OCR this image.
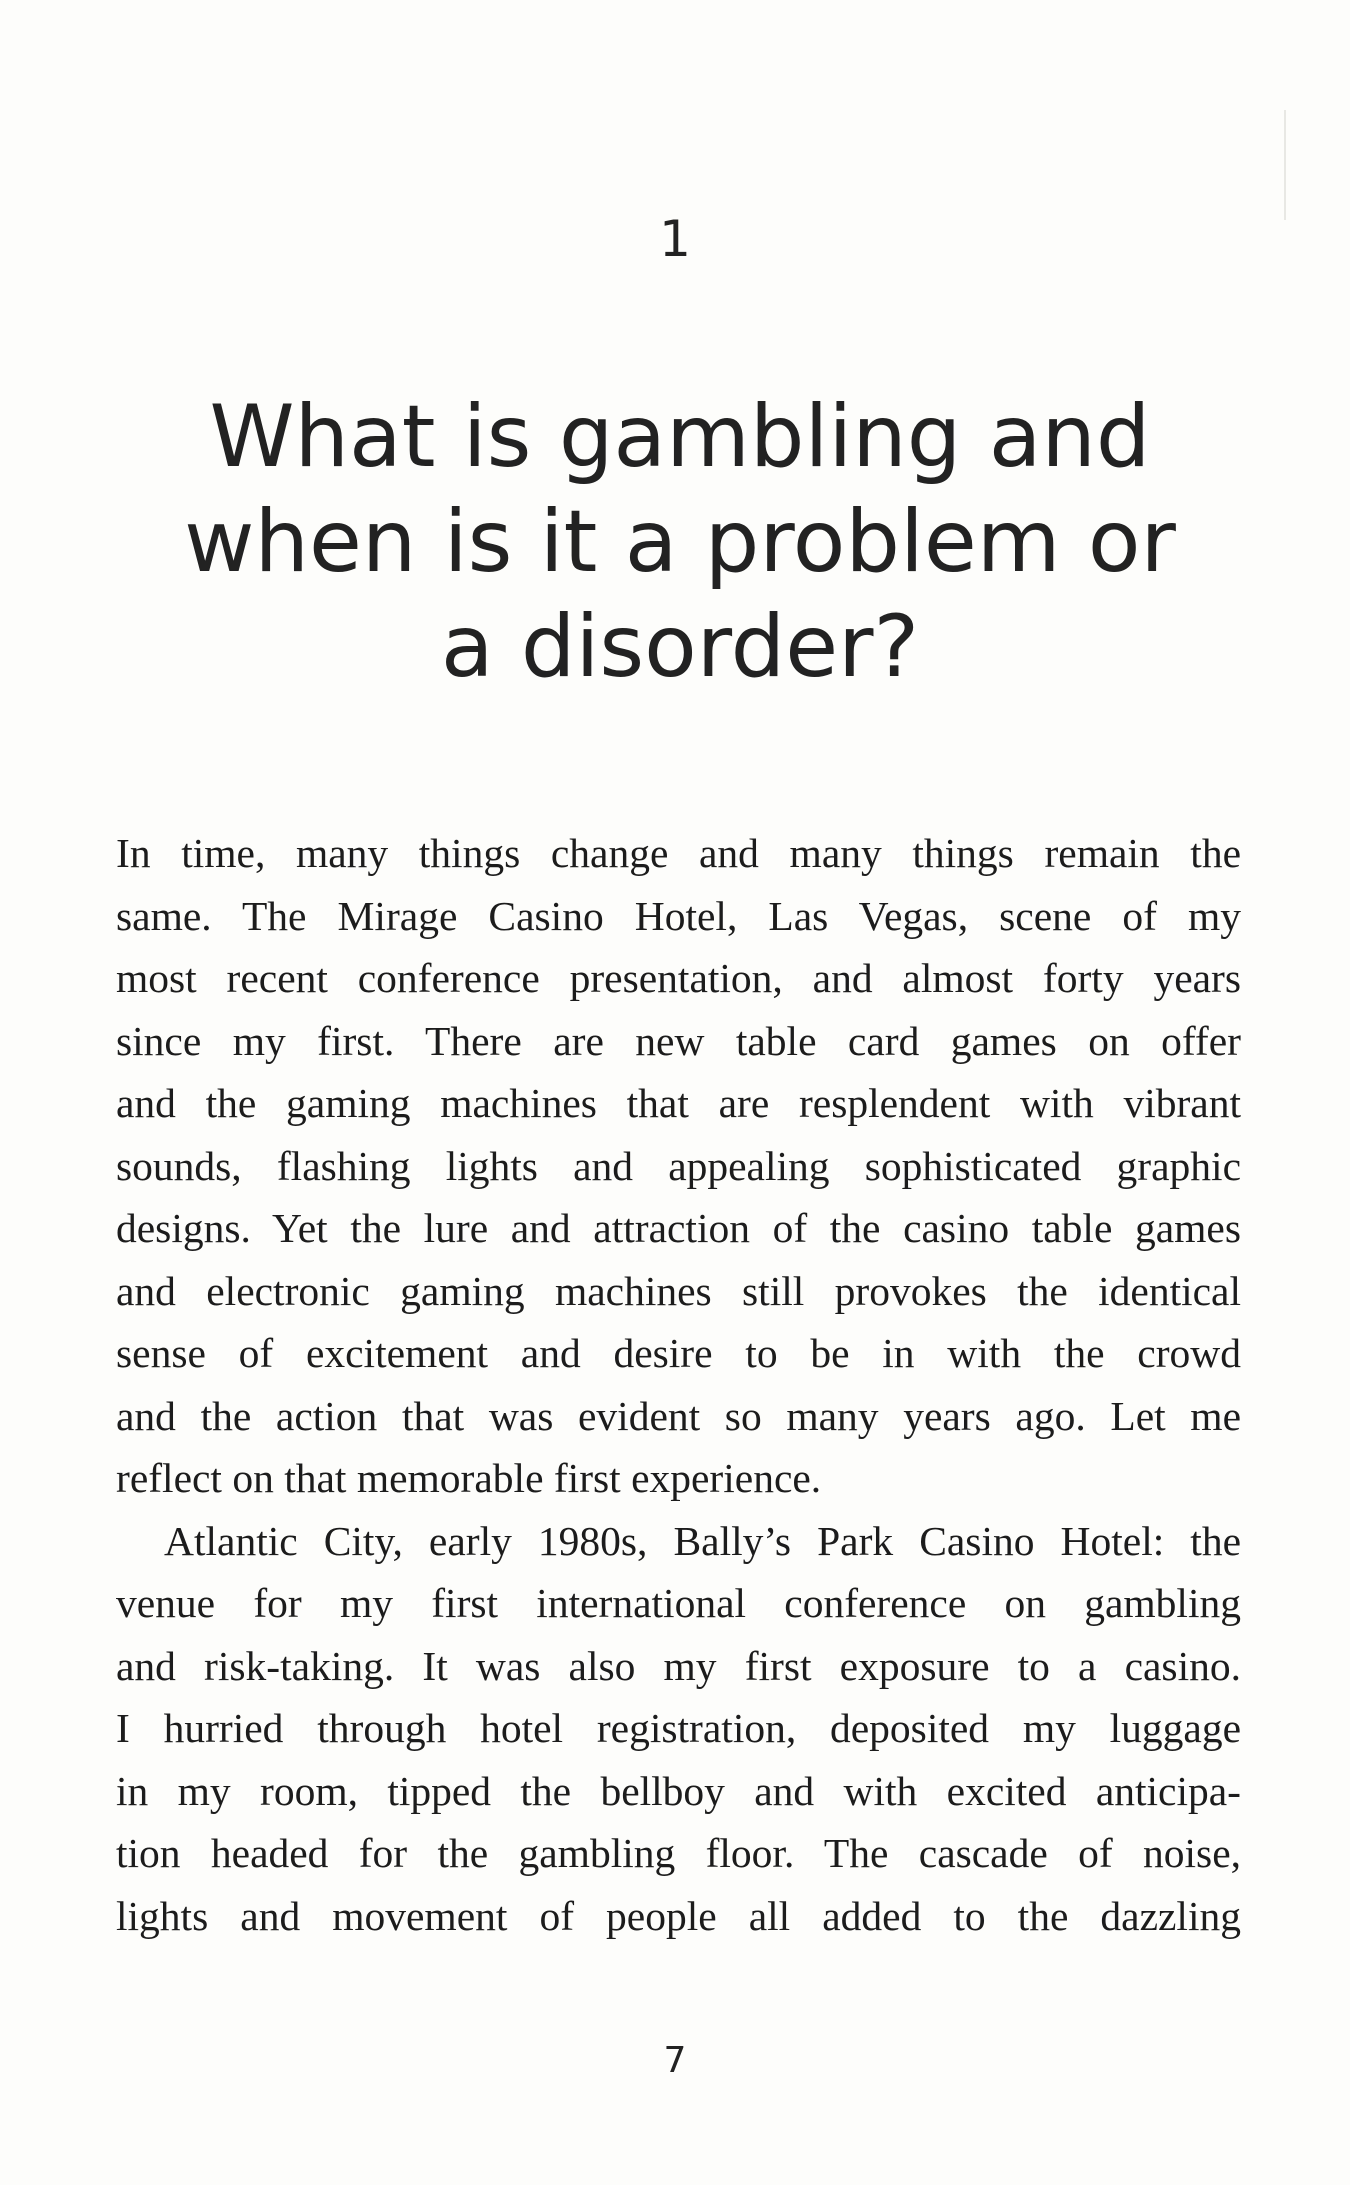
1
What is gambling and
when is it a problem or
a disorder?
In time, many things change and many things remain the
same. The Mirage Casino Hotel, Las Vegas, scene of my
most recent conference presentation, and almost forty years
since my first. There are new table card games on offer
and the gaming machines that are resplendent with vibrant
sounds, flashing lights and appealing sophisticated graphic
designs. Yet the lure and attraction of the casino table games
and electronic gaming machines still provokes the identical
sense of excitement and desire to be in with the crowd
and the action that was evident so many years ago. Let me
reflect on that memorable first experience.
Atlantic City, early 1980s, Bally’s Park Casino Hotel: the
venue for my first international conference on gambling
and risk-taking. It was also my first exposure to a casino.
I hurried through hotel registration, deposited my luggage
in my room, tipped the bellboy and with excited anticipa-
tion headed for the gambling floor. The cascade of noise,
lights and movement of people all added to the dazzling
7
